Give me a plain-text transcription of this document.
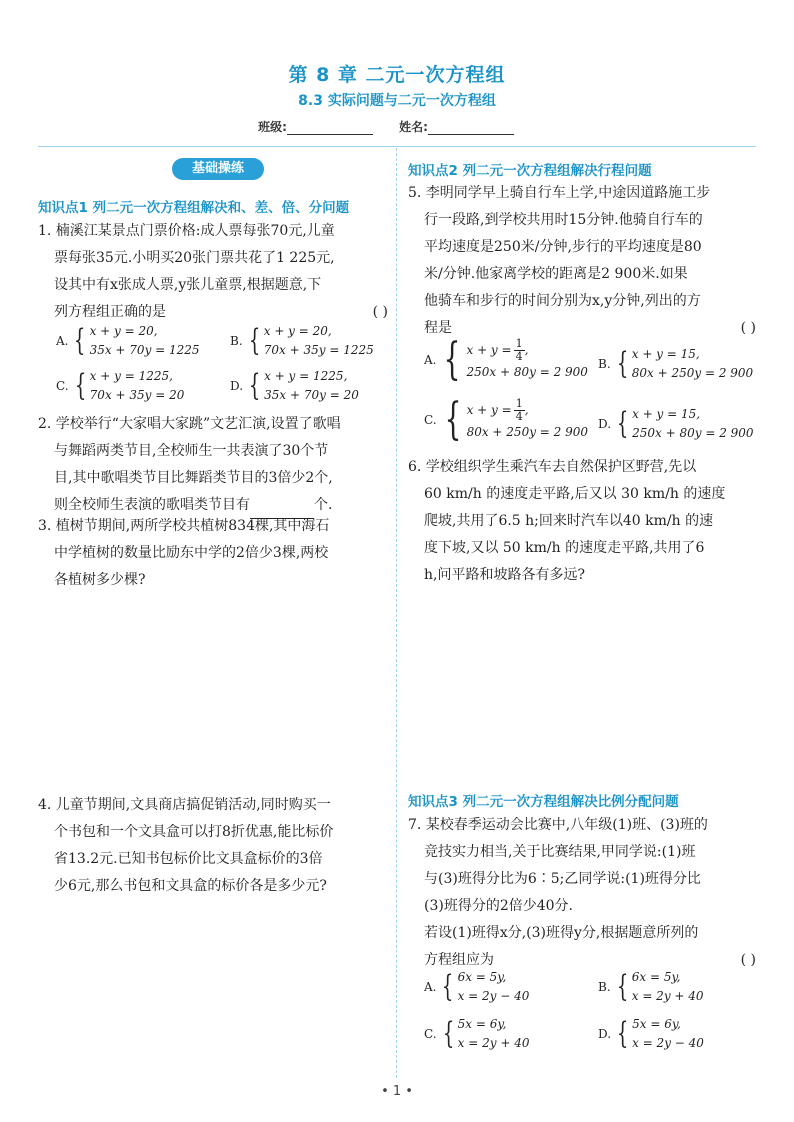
第 8 章 二元一次方程组
8.3 实际问题与二元一次方程组
班级:	姓名:
基础操练
知识点1 列二元一次方程组解决和、差、倍、分问题

1. 楠溪江某景点门票价格:成人票每张70元,儿童

票每张35元.小明买20张门票共花了1 225元,

设其中有x张成人票,y张儿童票,根据题意,下

列方程组正确的是	( )

A. { x + y = 20,
35x + 70y = 1225
B. { x + y = 20,
70x + 35y = 1225
C. { x + y = 1225,
70x + 35y = 20
D. { x + y = 1225,
35x + 70y = 20

2. 学校举行“大家唱大家跳”文艺汇演,设置了歌唱

与舞蹈两类节目,全校师生一共表演了30个节

目,其中歌唱类节目比舞蹈类节目的3倍少2个,

则全校师生表演的歌唱类节目有	个.

3. 植树节期间,两所学校共植树834棵,其中海石

中学植树的数量比励东中学的2倍少3棵,两校

各植树多少棵?

4. 儿童节期间,文具商店搞促销活动,同时购买一

个书包和一个文具盒可以打8折优惠,能比标价

省13.2元.已知书包标价比文具盒标价的3倍

少6元,那么书包和文具盒的标价各是多少元?

知识点2 列二元一次方程组解决行程问题

5. 李明同学早上骑自行车上学,中途因道路施工步

行一段路,到学校共用时15分钟.他骑自行车的

平均速度是250米/分钟,步行的平均速度是80

米/分钟.他家离学校的距离是2 900米.如果

他骑车和步行的时间分别为x,y分钟,列出的方

程是	( )

A. { $x + y = \frac{1}{4}$ ,
250x + 80y = 2 900
B. { x + y = 15,
80x + 250y = 2 900
C. { $x + y = \frac{1}{4}$ ,
80x + 250y = 2 900
D. { x + y = 15,
250x + 80y = 2 900

6. 学校组织学生乘汽车去自然保护区野营,先以

60 km/h 的速度走平路,后又以 30 km/h 的速度

爬坡,共用了6.5 h;回来时汽车以40 km/h 的速

度下坡,又以 50 km/h 的速度走平路,共用了6

h,问平路和坡路各有多远?

知识点3 列二元一次方程组解决比例分配问题

7. 某校春季运动会比赛中,八年级(1)班、(3)班的

竞技实力相当,关于比赛结果,甲同学说:(1)班

与(3)班得分比为6∶5;乙同学说:(1)班得分比

(3)班得分的2倍少40分.

若设(1)班得x分,(3)班得y分,根据题意所列的

方程组应为	( )

A. { 6x = 5y,
x = 2y − 40
B. { 6x = 5y,
x = 2y + 40
C. { 5x = 6y,
x = 2y + 40
D. { 5x = 6y,
x = 2y − 40
• 1 •
